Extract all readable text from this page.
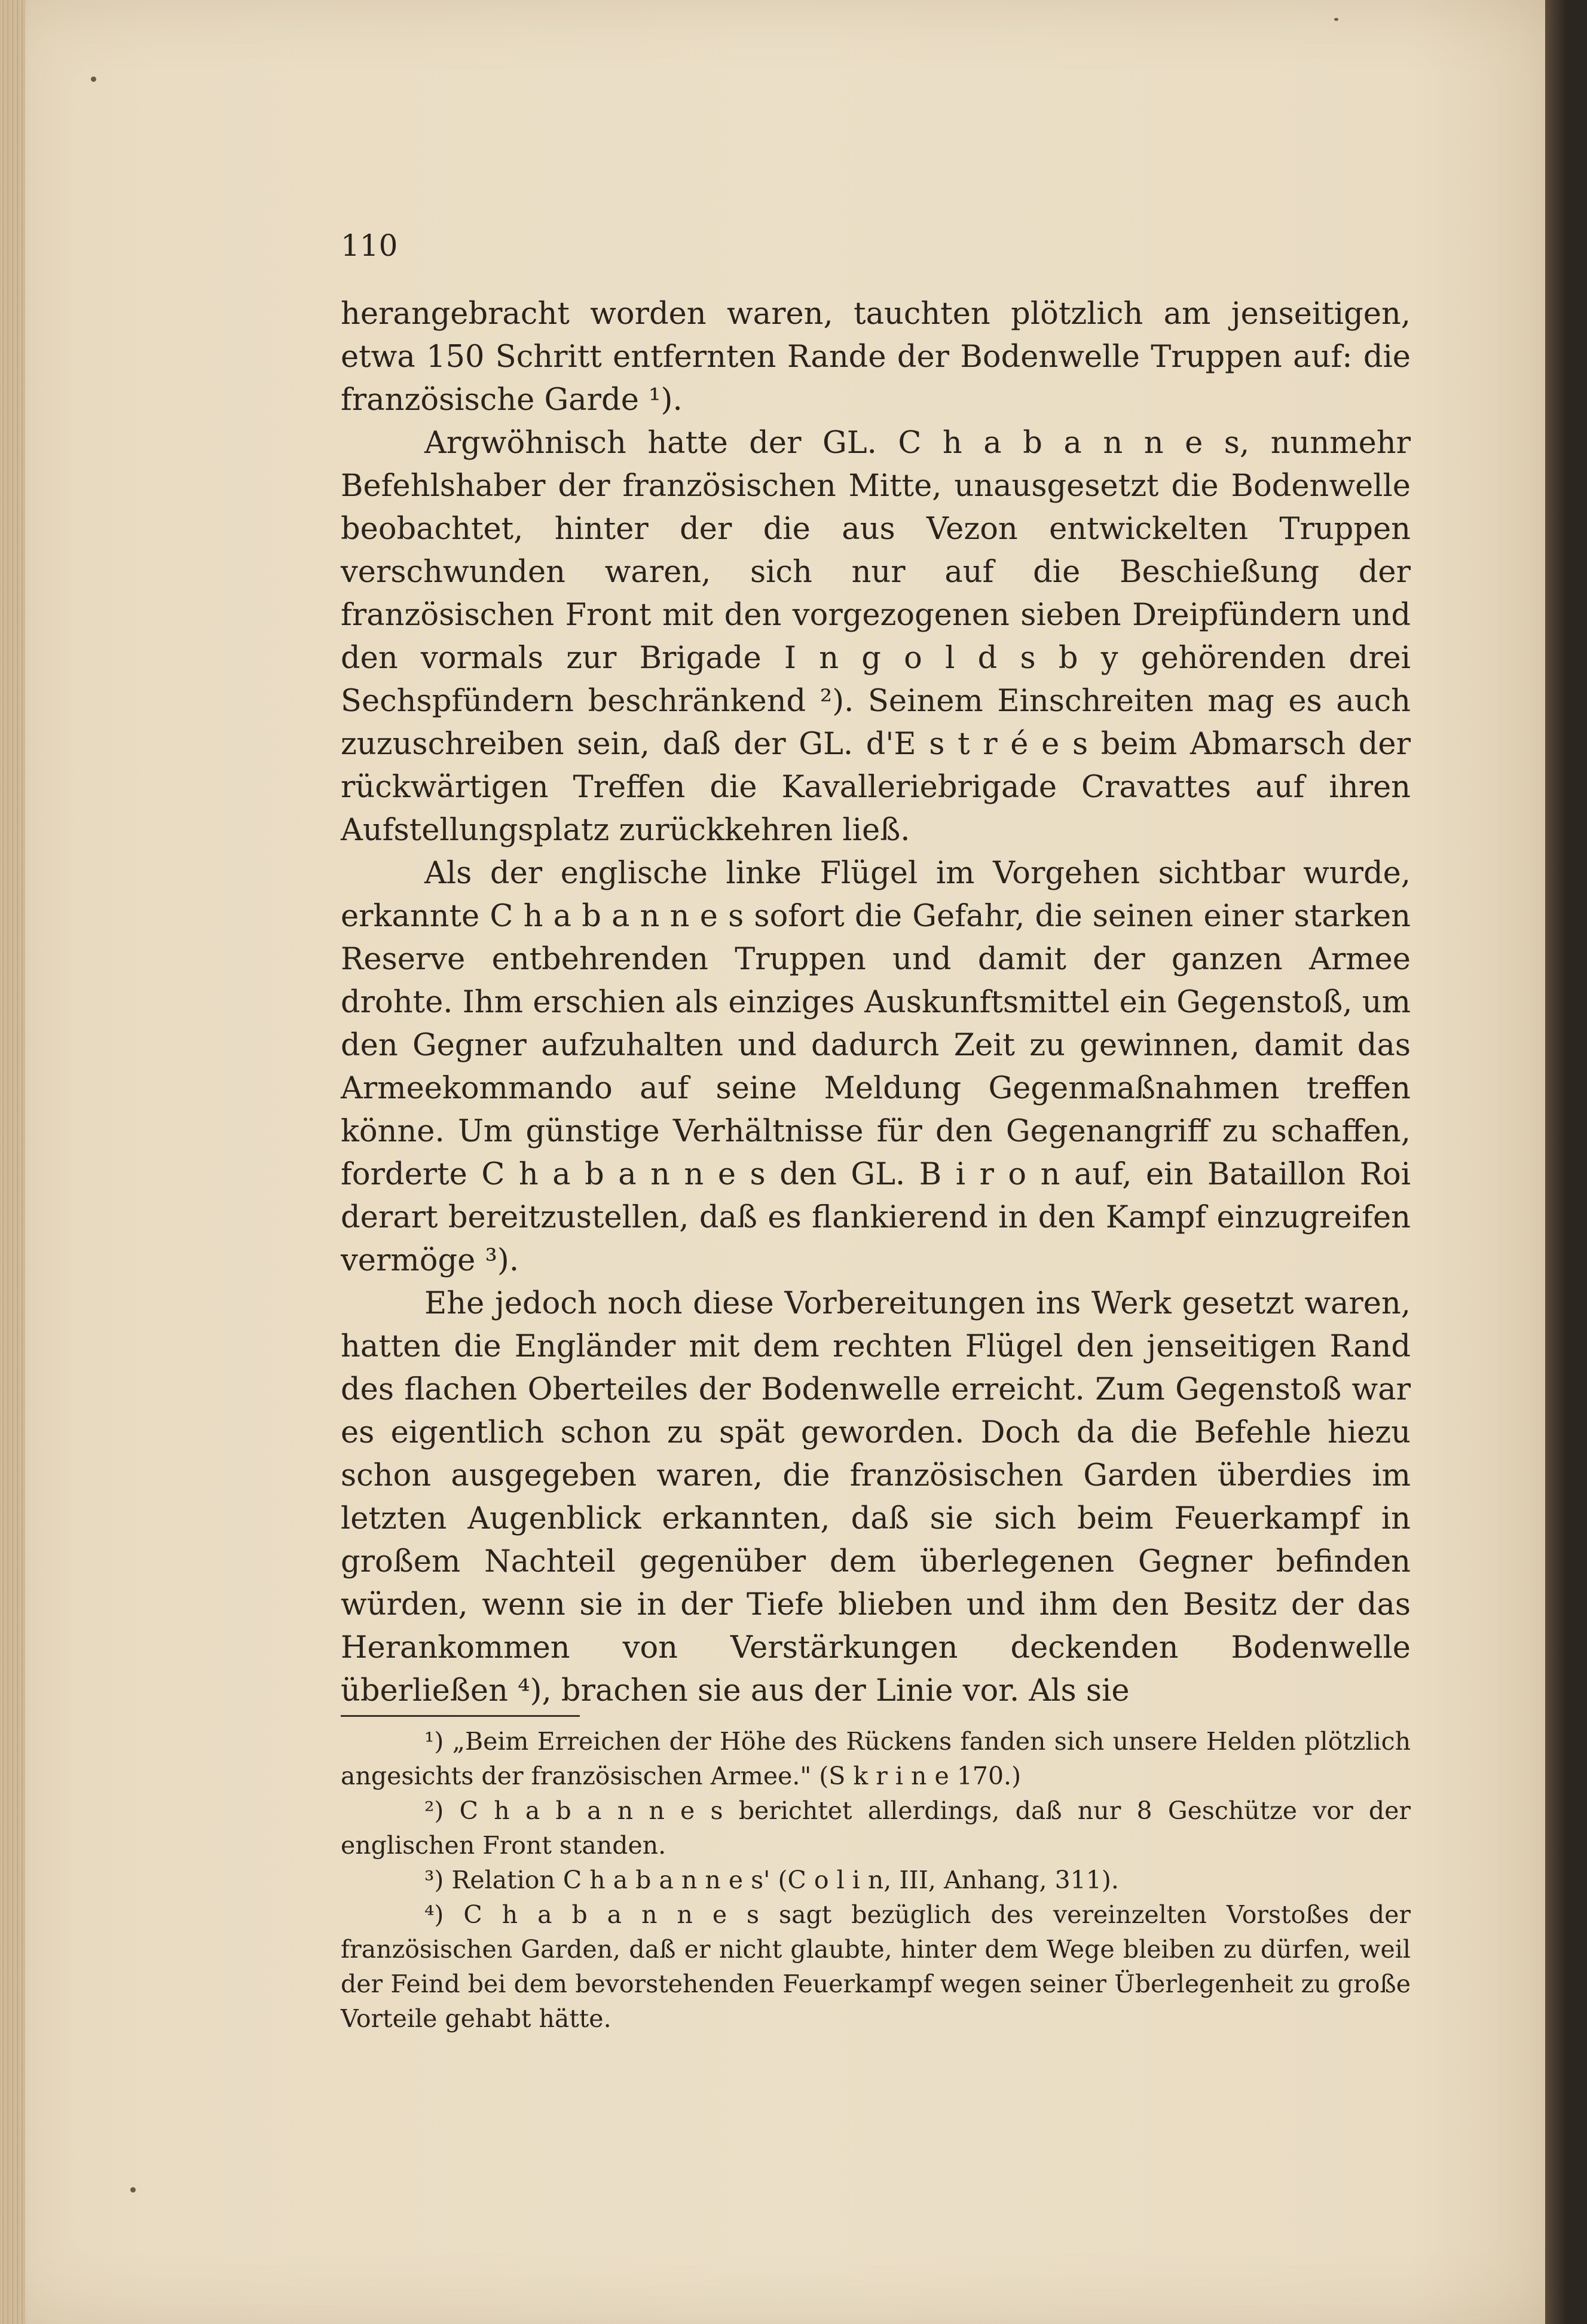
110

herangebracht worden waren, tauchten plötzlich am jenseitigen, etwa 150 Schritt entfernten Rande der Bodenwelle Truppen auf: die französische Garde ¹).

Argwöhnisch hatte der GL. C h a b a n n e s, nunmehr Befehlshaber der französischen Mitte, unausgesetzt die Bodenwelle beobachtet, hinter der die aus Vezon entwickelten Truppen verschwunden waren, sich nur auf die Beschießung der französischen Front mit den vorgezogenen sieben Dreipfündern und den vormals zur Brigade I n g o l d s b y gehörenden drei Sechspfündern beschränkend ²). Seinem Einschreiten mag es auch zuzuschreiben sein, daß der GL. d'E s t r é e s beim Abmarsch der rückwärtigen Treffen die Kavalleriebrigade Cravattes auf ihren Aufstellungsplatz zurückkehren ließ.

Als der englische linke Flügel im Vorgehen sichtbar wurde, erkannte C h a b a n n e s sofort die Gefahr, die seinen einer starken Reserve entbehrenden Truppen und damit der ganzen Armee drohte. Ihm erschien als einziges Auskunftsmittel ein Gegenstoß, um den Gegner aufzuhalten und dadurch Zeit zu gewinnen, damit das Armeekommando auf seine Meldung Gegenmaßnahmen treffen könne. Um günstige Verhältnisse für den Gegenangriff zu schaffen, forderte C h a b a n n e s den GL. B i r o n auf, ein Bataillon Roi derart bereitzustellen, daß es flankierend in den Kampf einzugreifen vermöge ³).

Ehe jedoch noch diese Vorbereitungen ins Werk gesetzt waren, hatten die Engländer mit dem rechten Flügel den jenseitigen Rand des flachen Oberteiles der Bodenwelle erreicht. Zum Gegenstoß war es eigentlich schon zu spät geworden. Doch da die Befehle hiezu schon ausgegeben waren, die französischen Garden überdies im letzten Augenblick erkannten, daß sie sich beim Feuerkampf in großem Nachteil gegenüber dem überlegenen Gegner befinden würden, wenn sie in der Tiefe blieben und ihm den Besitz der das Herankommen von Verstärkungen deckenden Bodenwelle überließen ⁴), brachen sie aus der Linie vor. Als sie

¹) „Beim Erreichen der Höhe des Rückens fanden sich unsere Helden plötzlich angesichts der französischen Armee." (S k r i n e 170.)

²) C h a b a n n e s berichtet allerdings, daß nur 8 Geschütze vor der englischen Front standen.

³) Relation C h a b a n n e s' (C o l i n, III, Anhang, 311).

⁴) C h a b a n n e s sagt bezüglich des vereinzelten Vorstoßes der französischen Garden, daß er nicht glaubte, hinter dem Wege bleiben zu dürfen, weil der Feind bei dem bevorstehenden Feuerkampf wegen seiner Überlegenheit zu große Vorteile gehabt hätte.
